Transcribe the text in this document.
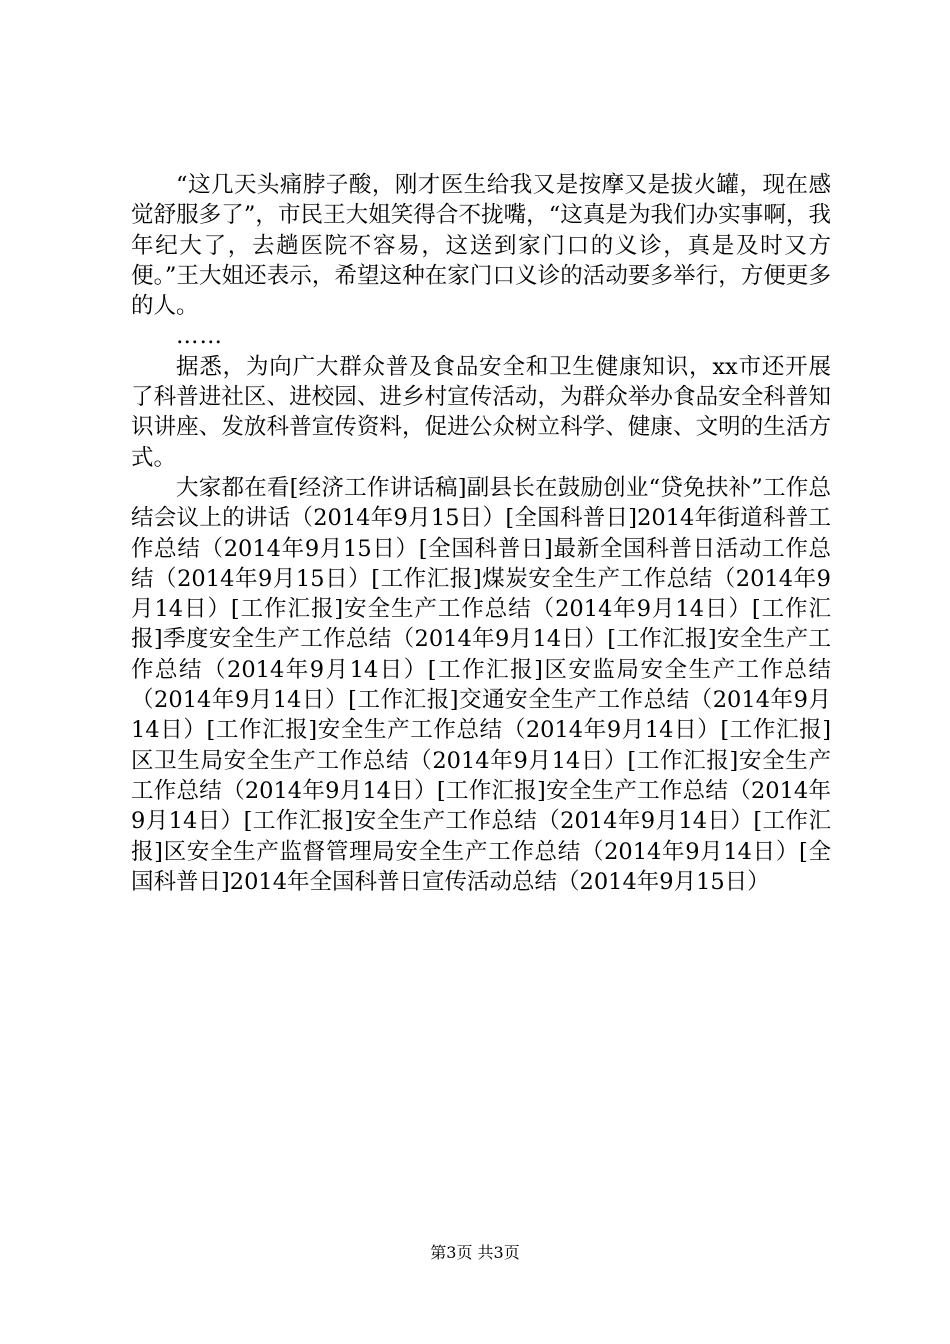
“这几天头痛脖子酸，刚才医生给我又是按摩又是拔火罐，现在感觉舒服多了”，市民王大姐笑得合不拢嘴，“这真是为我们办实事啊，我年纪大了，去趟医院不容易，这送到家门口的义诊，真是及时又方便。”王大姐还表示，希望这种在家门口义诊的活动要多举行，方便更多的人。

……

据悉，为向广大群众普及食品安全和卫生健康知识，xx市还开展了科普进社区、进校园、进乡村宣传活动，为群众举办食品安全科普知识讲座、发放科普宣传资料，促进公众树立科学、健康、文明的生活方式。

大家都在看[经济工作讲话稿]副县长在鼓励创业“贷免扶补”工作总结会议上的讲话（2014年9月15日）[全国科普日]2014年街道科普工作总结（2014年9月15日）[全国科普日]最新全国科普日活动工作总结（2014年9月15日）[工作汇报]煤炭安全生产工作总结（2014年9月14日）[工作汇报]安全生产工作总结（2014年9月14日）[工作汇报]季度安全生产工作总结（2014年9月14日）[工作汇报]安全生产工作总结（2014年9月14日）[工作汇报]区安监局安全生产工作总结（2014年9月14日）[工作汇报]交通安全生产工作总结（2014年9月14日）[工作汇报]安全生产工作总结（2014年9月14日）[工作汇报]区卫生局安全生产工作总结（2014年9月14日）[工作汇报]安全生产工作总结（2014年9月14日）[工作汇报]安全生产工作总结（2014年9月14日）[工作汇报]安全生产工作总结（2014年9月14日）[工作汇报]区安全生产监督管理局安全生产工作总结（2014年9月14日）[全国科普日]2014年全国科普日宣传活动总结（2014年9月15日）

第3页 共3页
